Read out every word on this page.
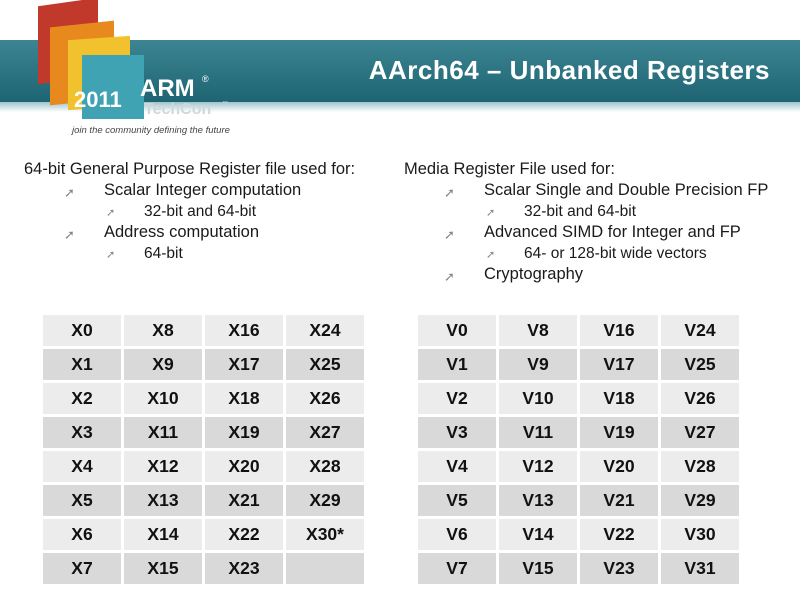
2011 ARM ®
TechCon ™
join the community defining the future
AArch64 – Unbanked Registers
64-bit General Purpose Register file used for:
➚ Scalar Integer computation
➚ 32-bit and 64-bit
➚ Address computation
➚ 64-bit
Media Register File used for:
➚ Scalar Single and Double Precision FP
➚ 32-bit and 64-bit
➚ Advanced SIMD for Integer and FP
➚ 64- or 128-bit wide vectors
➚ Cryptography
X0	X8	X16	X24
X1	X9	X17	X25
X2	X10	X18	X26
X3	X11	X19	X27
X4	X12	X20	X28
X5	X13	X21	X29
X6	X14	X22	X30*
X7	X15	X23	
V0	V8	V16	V24
V1	V9	V17	V25
V2	V10	V18	V26
V3	V11	V19	V27
V4	V12	V20	V28
V5	V13	V21	V29
V6	V14	V22	V30
V7	V15	V23	V31
